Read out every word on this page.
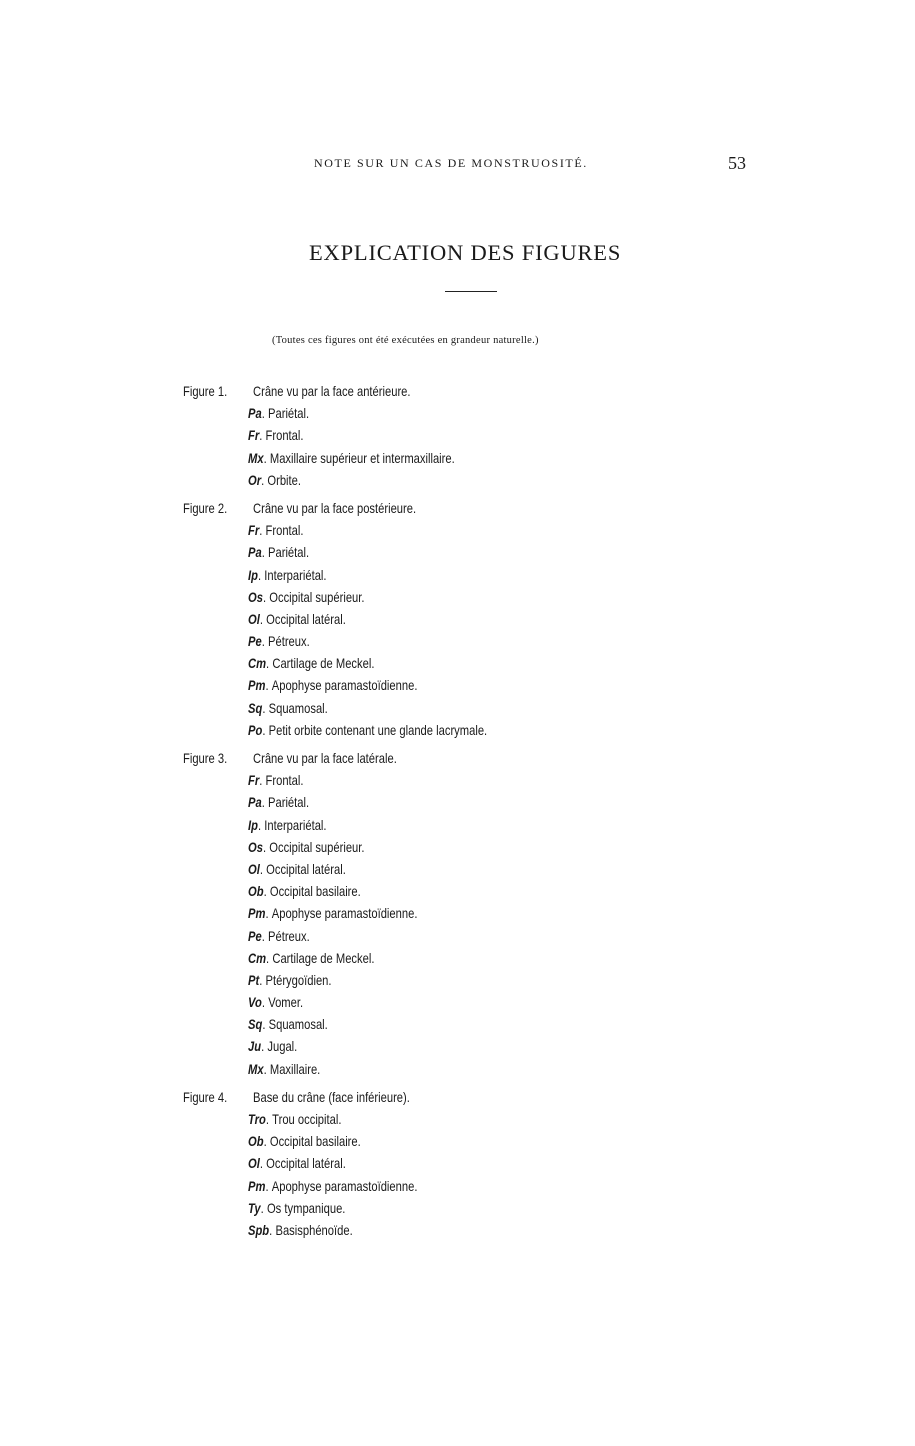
NOTE SUR UN CAS DE MONSTRUOSITÉ.	53
EXPLICATION DES FIGURES
(Toutes ces figures ont été exécutées en grandeur naturelle.)
Figure 1. Crâne vu par la face antérieure.
Pa. Pariétal.
Fr. Frontal.
Mx. Maxillaire supérieur et intermaxillaire.
Or. Orbite.
Figure 2. Crâne vu par la face postérieure.
Fr. Frontal.
Pa. Pariétal.
Ip. Interpariétal.
Os. Occipital supérieur.
Ol. Occipital latéral.
Pe. Pétreux.
Cm. Cartilage de Meckel.
Pm. Apophyse paramastoïdienne.
Sq. Squamosal.
Po. Petit orbite contenant une glande lacrymale.
Figure 3. Crâne vu par la face latérale.
Fr. Frontal.
Pa. Pariétal.
Ip. Interpariétal.
Os. Occipital supérieur.
Ol. Occipital latéral.
Ob. Occipital basilaire.
Pm. Apophyse paramastoïdienne.
Pe. Pétreux.
Cm. Cartilage de Meckel.
Pt. Ptérygoïdien.
Vo. Vomer.
Sq. Squamosal.
Ju. Jugal.
Mx. Maxillaire.
Figure 4. Base du crâne (face inférieure).
Tro. Trou occipital.
Ob. Occipital basilaire.
Ol. Occipital latéral.
Pm. Apophyse paramastoïdienne.
Ty. Os tympanique.
Spb. Basisphénoïde.
